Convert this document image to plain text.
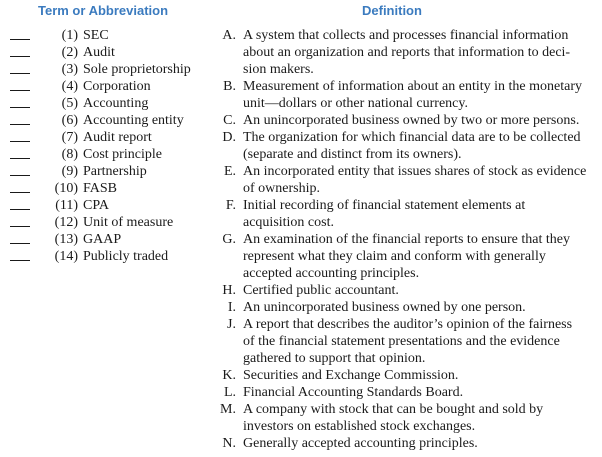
Term or Abbreviation	Definition
(1) SEC
(2) Audit
(3) Sole proprietorship
(4) Corporation
(5) Accounting
(6) Accounting entity
(7) Audit report
(8) Cost principle
(9) Partnership
(10) FASB
(11) CPA
(12) Unit of measure
(13) GAAP
(14) Publicly traded
A. A system that collects and processes financial information
about an organization and reports that information to deci-
sion makers.
B. Measurement of information about an entity in the monetary
unit—dollars or other national currency.
C. An unincorporated business owned by two or more persons.
D. The organization for which financial data are to be collected
(separate and distinct from its owners).
E. An incorporated entity that issues shares of stock as evidence
of ownership.
F. Initial recording of financial statement elements at
acquisition cost.
G. An examination of the financial reports to ensure that they
represent what they claim and conform with generally
accepted accounting principles.
H. Certified public accountant.
I. An unincorporated business owned by one person.
J. A report that describes the auditor’s opinion of the fairness
of the financial statement presentations and the evidence
gathered to support that opinion.
K. Securities and Exchange Commission.
L. Financial Accounting Standards Board.
M. A company with stock that can be bought and sold by
investors on established stock exchanges.
N. Generally accepted accounting principles.
